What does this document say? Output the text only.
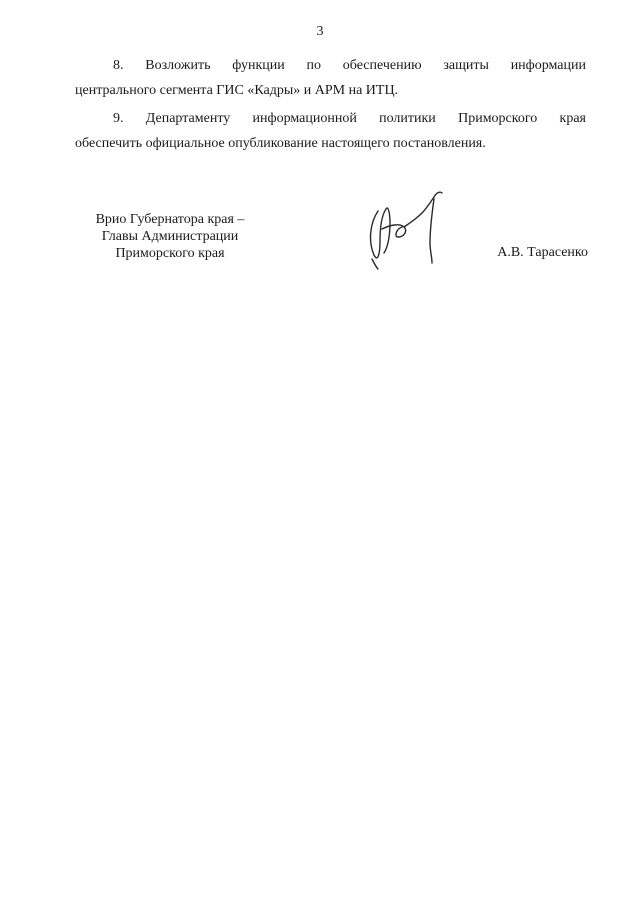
3
8. Возложить функции по обеспечению защиты информации
центрального сегмента ГИС «Кадры» и АРМ на ИТЦ.
9. Департаменту информационной политики Приморского края
обеспечить официальное опубликование настоящего постановления.
Врио Губернатора края –
Главы Администрации
Приморского края	А.В. Тарасенко
